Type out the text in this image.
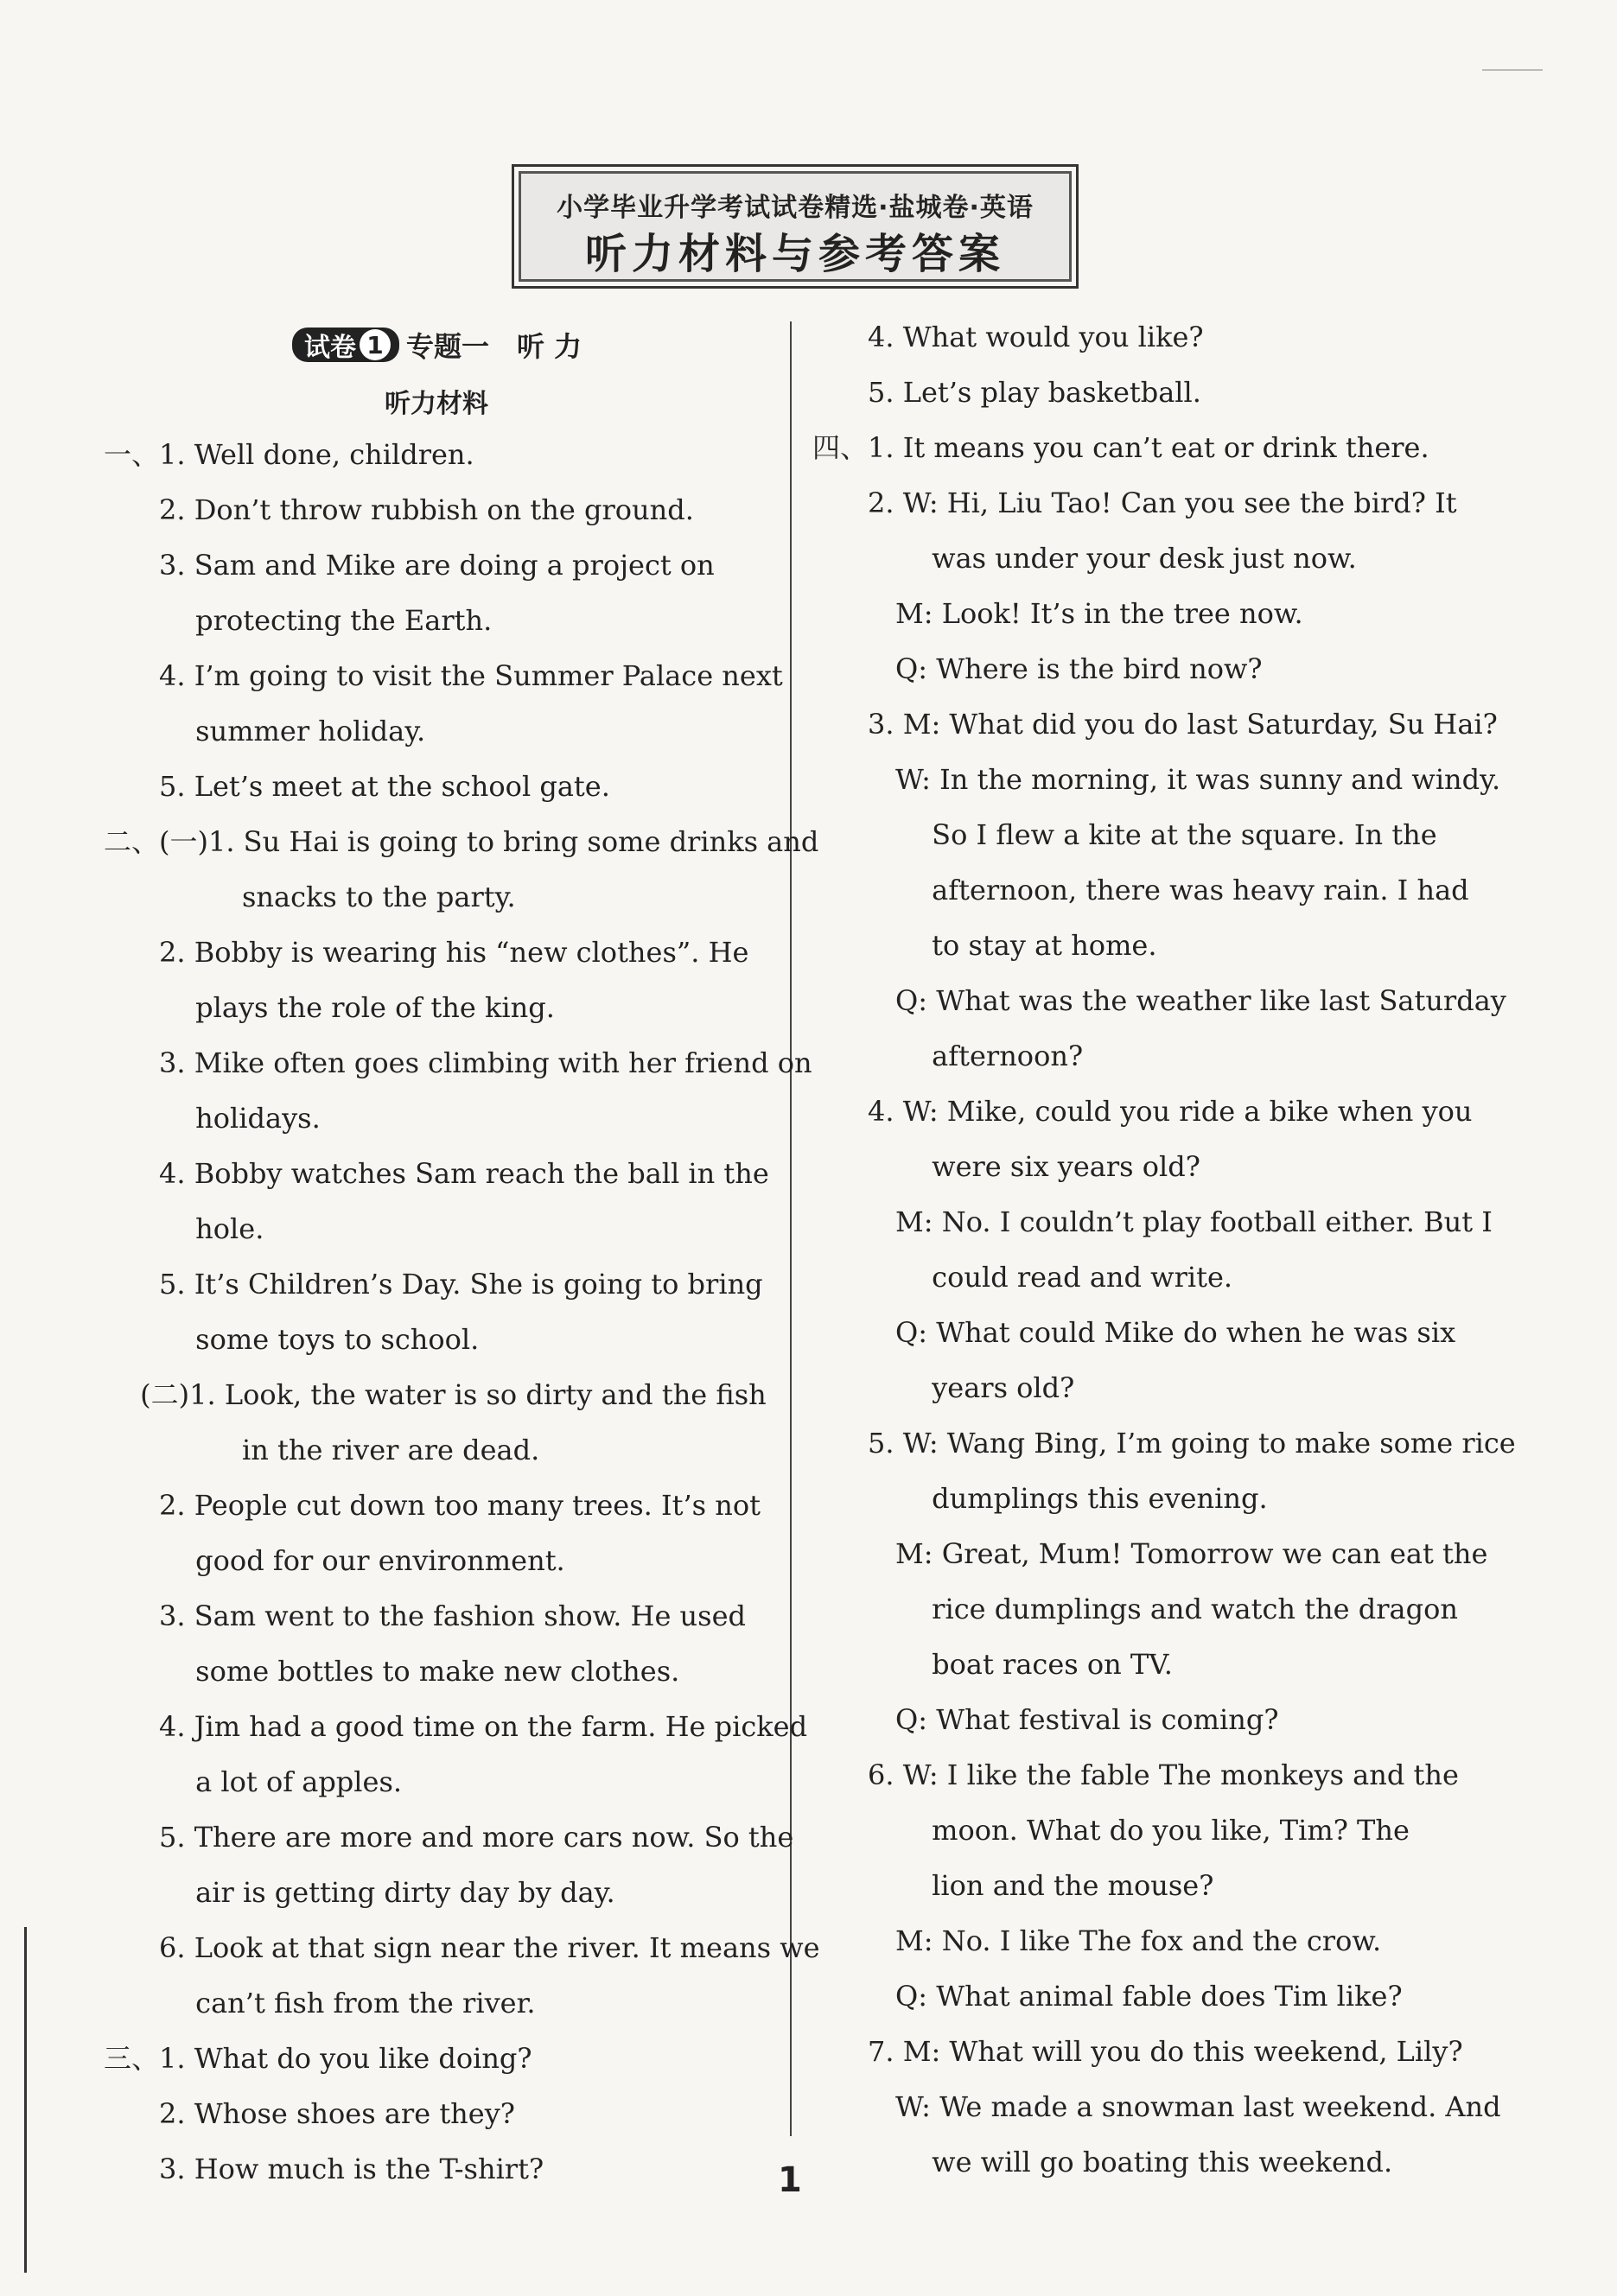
小学毕业升学考试试卷精选·盐城卷·英语
听力材料与参考答案
试卷 1 专题一　听 力
听力材料
一、1. Well done, children.
　　2. Don’t throw rubbish on the ground.
　　3. Sam and Mike are doing a project on
　　　 protecting the Earth.
　　4. I’m going to visit the Summer Palace next
　　　 summer holiday.
　　5. Let’s meet at the school gate.
二、(一)1. Su Hai is going to bring some drinks and
　　　　　snacks to the party.
　　2. Bobby is wearing his “new clothes”. He
　　　 plays the role of the king.
　　3. Mike often goes climbing with her friend on
　　　 holidays.
　　4. Bobby watches Sam reach the ball in the
　　　 hole.
　　5. It’s Children’s Day. She is going to bring
　　　 some toys to school.
　 (二)1. Look, the water is so dirty and the fish
　　　　　in the river are dead.
　　2. People cut down too many trees. It’s not
　　　 good for our environment.
　　3. Sam went to the fashion show. He used
　　　 some bottles to make new clothes.
　　4. Jim had a good time on the farm. He picked
　　　 a lot of apples.
　　5. There are more and more cars now. So the
　　　 air is getting dirty day by day.
　　6. Look at that sign near the river. It means we
　　　 can’t fish from the river.
三、1. What do you like doing?
　　2. Whose shoes are they?
　　3. How much is the T-shirt?
　　4. What would you like?
　　5. Let’s play basketball.
四、1. It means you can’t eat or drink there.
　　2. W: Hi, Liu Tao! Can you see the bird? It
　　　　 was under your desk just now.
　　　M: Look! It’s in the tree now.
　　　Q: Where is the bird now?
　　3. M: What did you do last Saturday, Su Hai?
　　　W: In the morning, it was sunny and windy.
　　　　 So I flew a kite at the square. In the
　　　　 afternoon, there was heavy rain. I had
　　　　 to stay at home.
　　　Q: What was the weather like last Saturday
　　　　 afternoon?
　　4. W: Mike, could you ride a bike when you
　　　　 were six years old?
　　　M: No. I couldn’t play football either. But I
　　　　 could read and write.
　　　Q: What could Mike do when he was six
　　　　 years old?
　　5. W: Wang Bing, I’m going to make some rice
　　　　 dumplings this evening.
　　　M: Great, Mum! Tomorrow we can eat the
　　　　 rice dumplings and watch the dragon
　　　　 boat races on TV.
　　　Q: What festival is coming?
　　6. W: I like the fable The monkeys and the
　　　　 moon. What do you like, Tim? The
　　　　 lion and the mouse?
　　　M: No. I like The fox and the crow.
　　　Q: What animal fable does Tim like?
　　7. M: What will you do this weekend, Lily?
　　　W: We made a snowman last weekend. And
　　　　 we will go boating this weekend.
1
